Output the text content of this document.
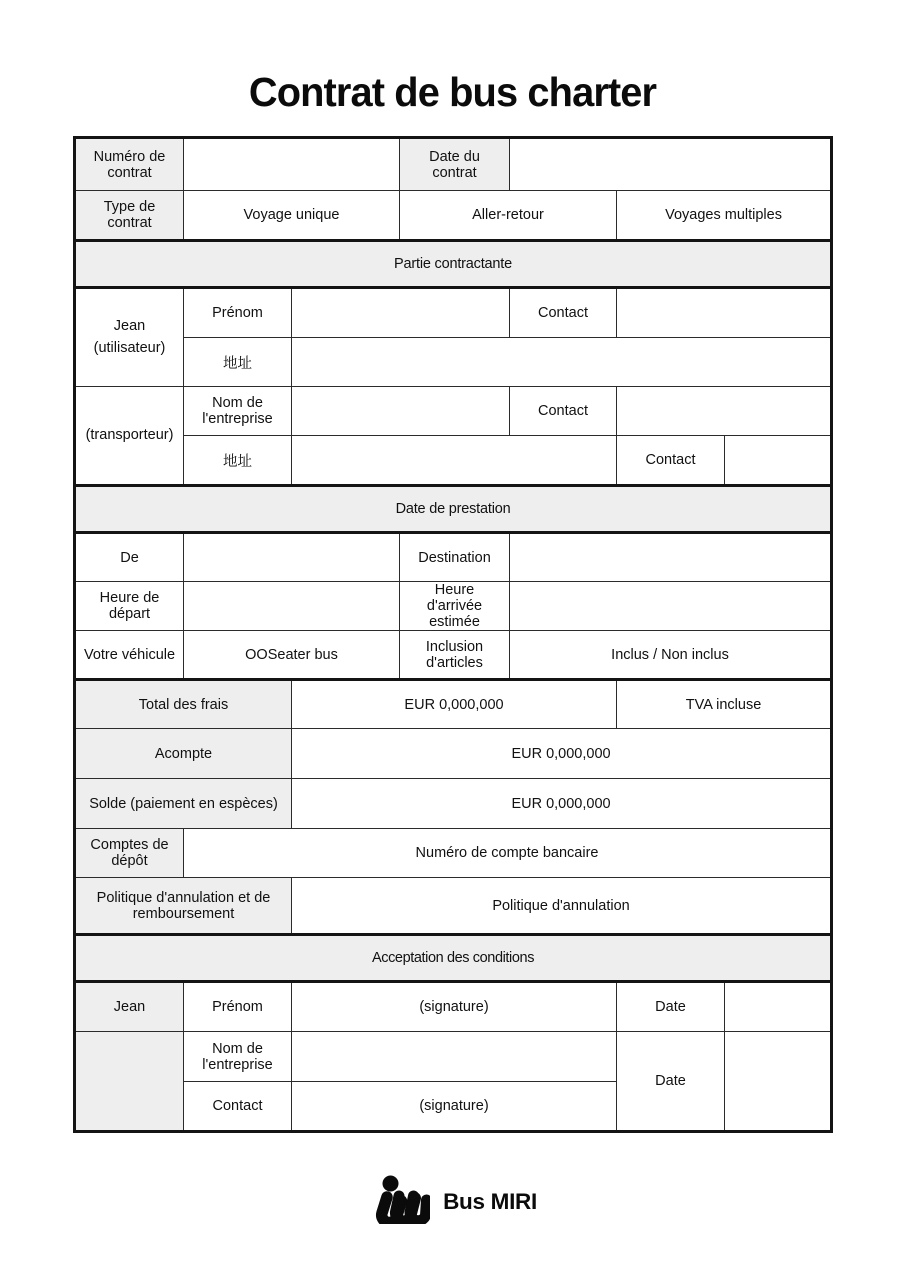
Contrat de bus charter
Numéro de contrat			Date du contrat			
Type de contrat	Voyage unique		Aller-retour		Voyages multiples	
Partie contractante						
Jean
(utilisateur)	Prénom			Contact		
	地址					
(transporteur)	Nom de l'entreprise			Contact		
	地址				Contact	
Date de prestation						
De			Destination			
Heure de départ			Heure d'arrivée estimée			
Votre véhicule	OOSeater bus		Inclusion d'articles	Inclus / Non inclus		
Total des frais		EUR 0,000,000			TVA incluse	
Acompte		EUR 0,000,000				
Solde (paiement en espèces)		EUR 0,000,000				
Comptes de dépôt	Numéro de compte bancaire					
Politique d'annulation et de remboursement		Politique d'annulation				
Acceptation des conditions						
Jean	Prénom	(signature)			Date	
	Nom de l'entreprise				Date	
	Contact	(signature)				
Bus MIRI
